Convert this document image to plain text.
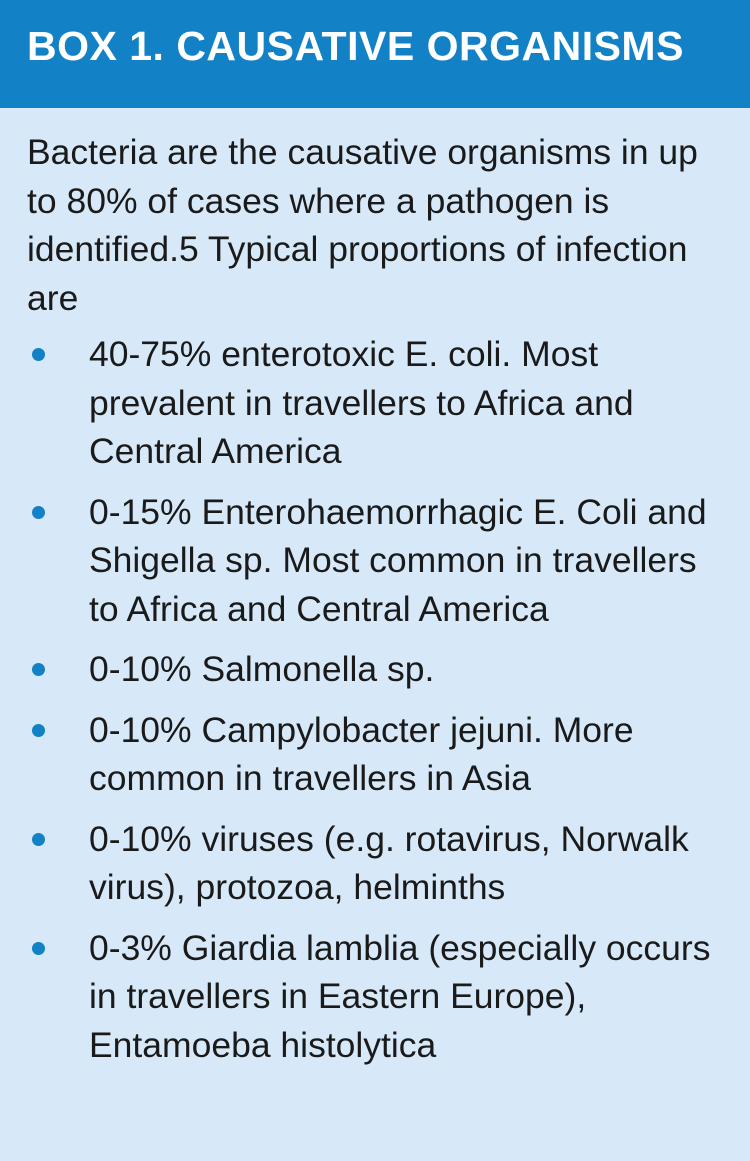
BOX 1. CAUSATIVE ORGANISMS

Bacteria are the causative organisms in up to 80% of cases where a pathogen is identified.5 Typical proportions of infection are

40-75% enterotoxic E. coli. Most prevalent in travellers to Africa and Central America
0-15% Enterohaemorrhagic E. Coli and Shigella sp. Most common in travellers to Africa and Central America
0-10% Salmonella sp.
0-10% Campylobacter jejuni. More common in travellers in Asia
0-10% viruses (e.g. rotavirus, Norwalk virus), protozoa, helminths
0-3% Giardia lamblia (especially occurs in travellers in Eastern Europe), Entamoeba histolytica
